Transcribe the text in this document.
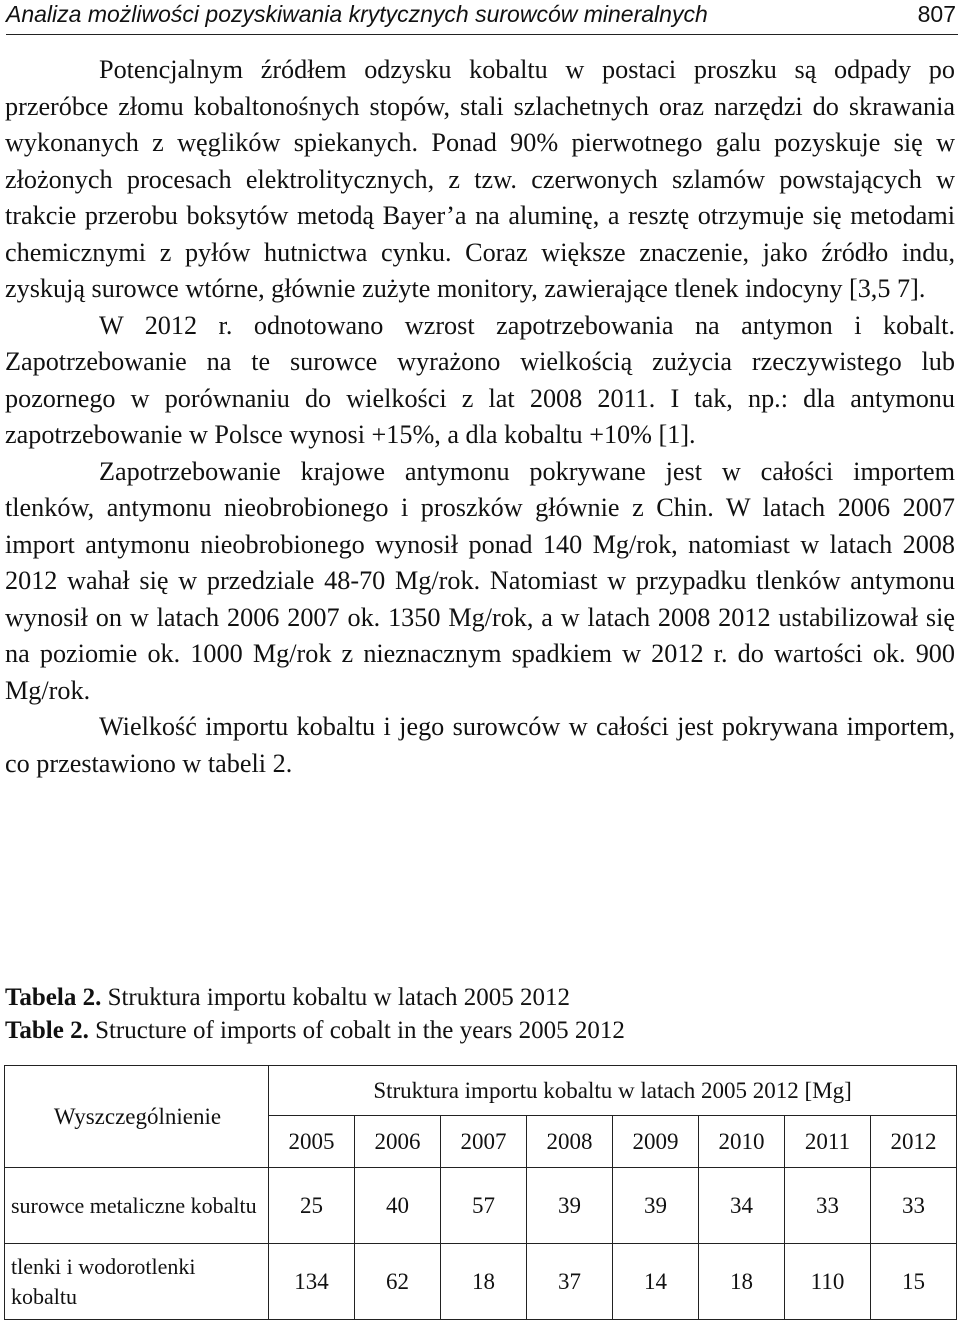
Analiza możliwości pozyskiwania krytycznych surowców mineralnych	807

Potencjalnym źródłem odzysku kobaltu w postaci proszku są odpady po przeróbce złomu kobaltonośnych stopów, stali szlachetnych oraz narzędzi do skrawania wykonanych z węglików spiekanych. Ponad 90% pierwotnego galu pozyskuje się w złożonych procesach elektrolitycznych, z tzw. czerwonych szlamów powstających w trakcie przerobu boksytów metodą Bayer’a na aluminę, a resztę otrzymuje się metodami chemicznymi z pyłów hutnictwa cynku. Coraz większe znaczenie, jako źródło indu, zyskują surowce wtórne, głównie zużyte monitory, zawierające tlenek indocyny [3,5 7].

W 2012 r. odnotowano wzrost zapotrzebowania na antymon i kobalt. Zapotrzebowanie na te surowce wyrażono wielkością zużycia rzeczywistego lub pozornego w porównaniu do wielkości z lat 2008 2011. I tak, np.: dla antymonu zapotrzebowanie w Polsce wynosi +15%, a dla kobaltu +10% [1].

Zapotrzebowanie krajowe antymonu pokrywane jest w całości importem tlenków, antymonu nieobrobionego i proszków głównie z Chin. W latach 2006 2007 import antymonu nieobrobionego wynosił ponad 140 Mg/rok, natomiast w latach 2008 2012 wahał się w przedziale 48-70 Mg/rok. Natomiast w przypadku tlenków antymonu wynosił on w latach 2006 2007 ok. 1350 Mg/rok, a w latach 2008 2012 ustabilizował się na poziomie ok. 1000 Mg/rok z nieznacznym spadkiem w 2012 r. do wartości ok. 900 Mg/rok.

Wielkość importu kobaltu i jego surowców w całości jest pokrywana importem, co przestawiono w tabeli 2.

Tabela 2. Struktura importu kobaltu w latach 2005 2012
Table 2. Structure of imports of cobalt in the years 2005 2012
Wyszczególnienie	Struktura importu kobaltu w latach 2005 2012 [Mg]							
	2005	2006	2007	2008	2009	2010	2011	2012
surowce metaliczne kobaltu	25	40	57	39	39	34	33	33
tlenki i wodorotlenki kobaltu	134	62	18	37	14	18	110	15
